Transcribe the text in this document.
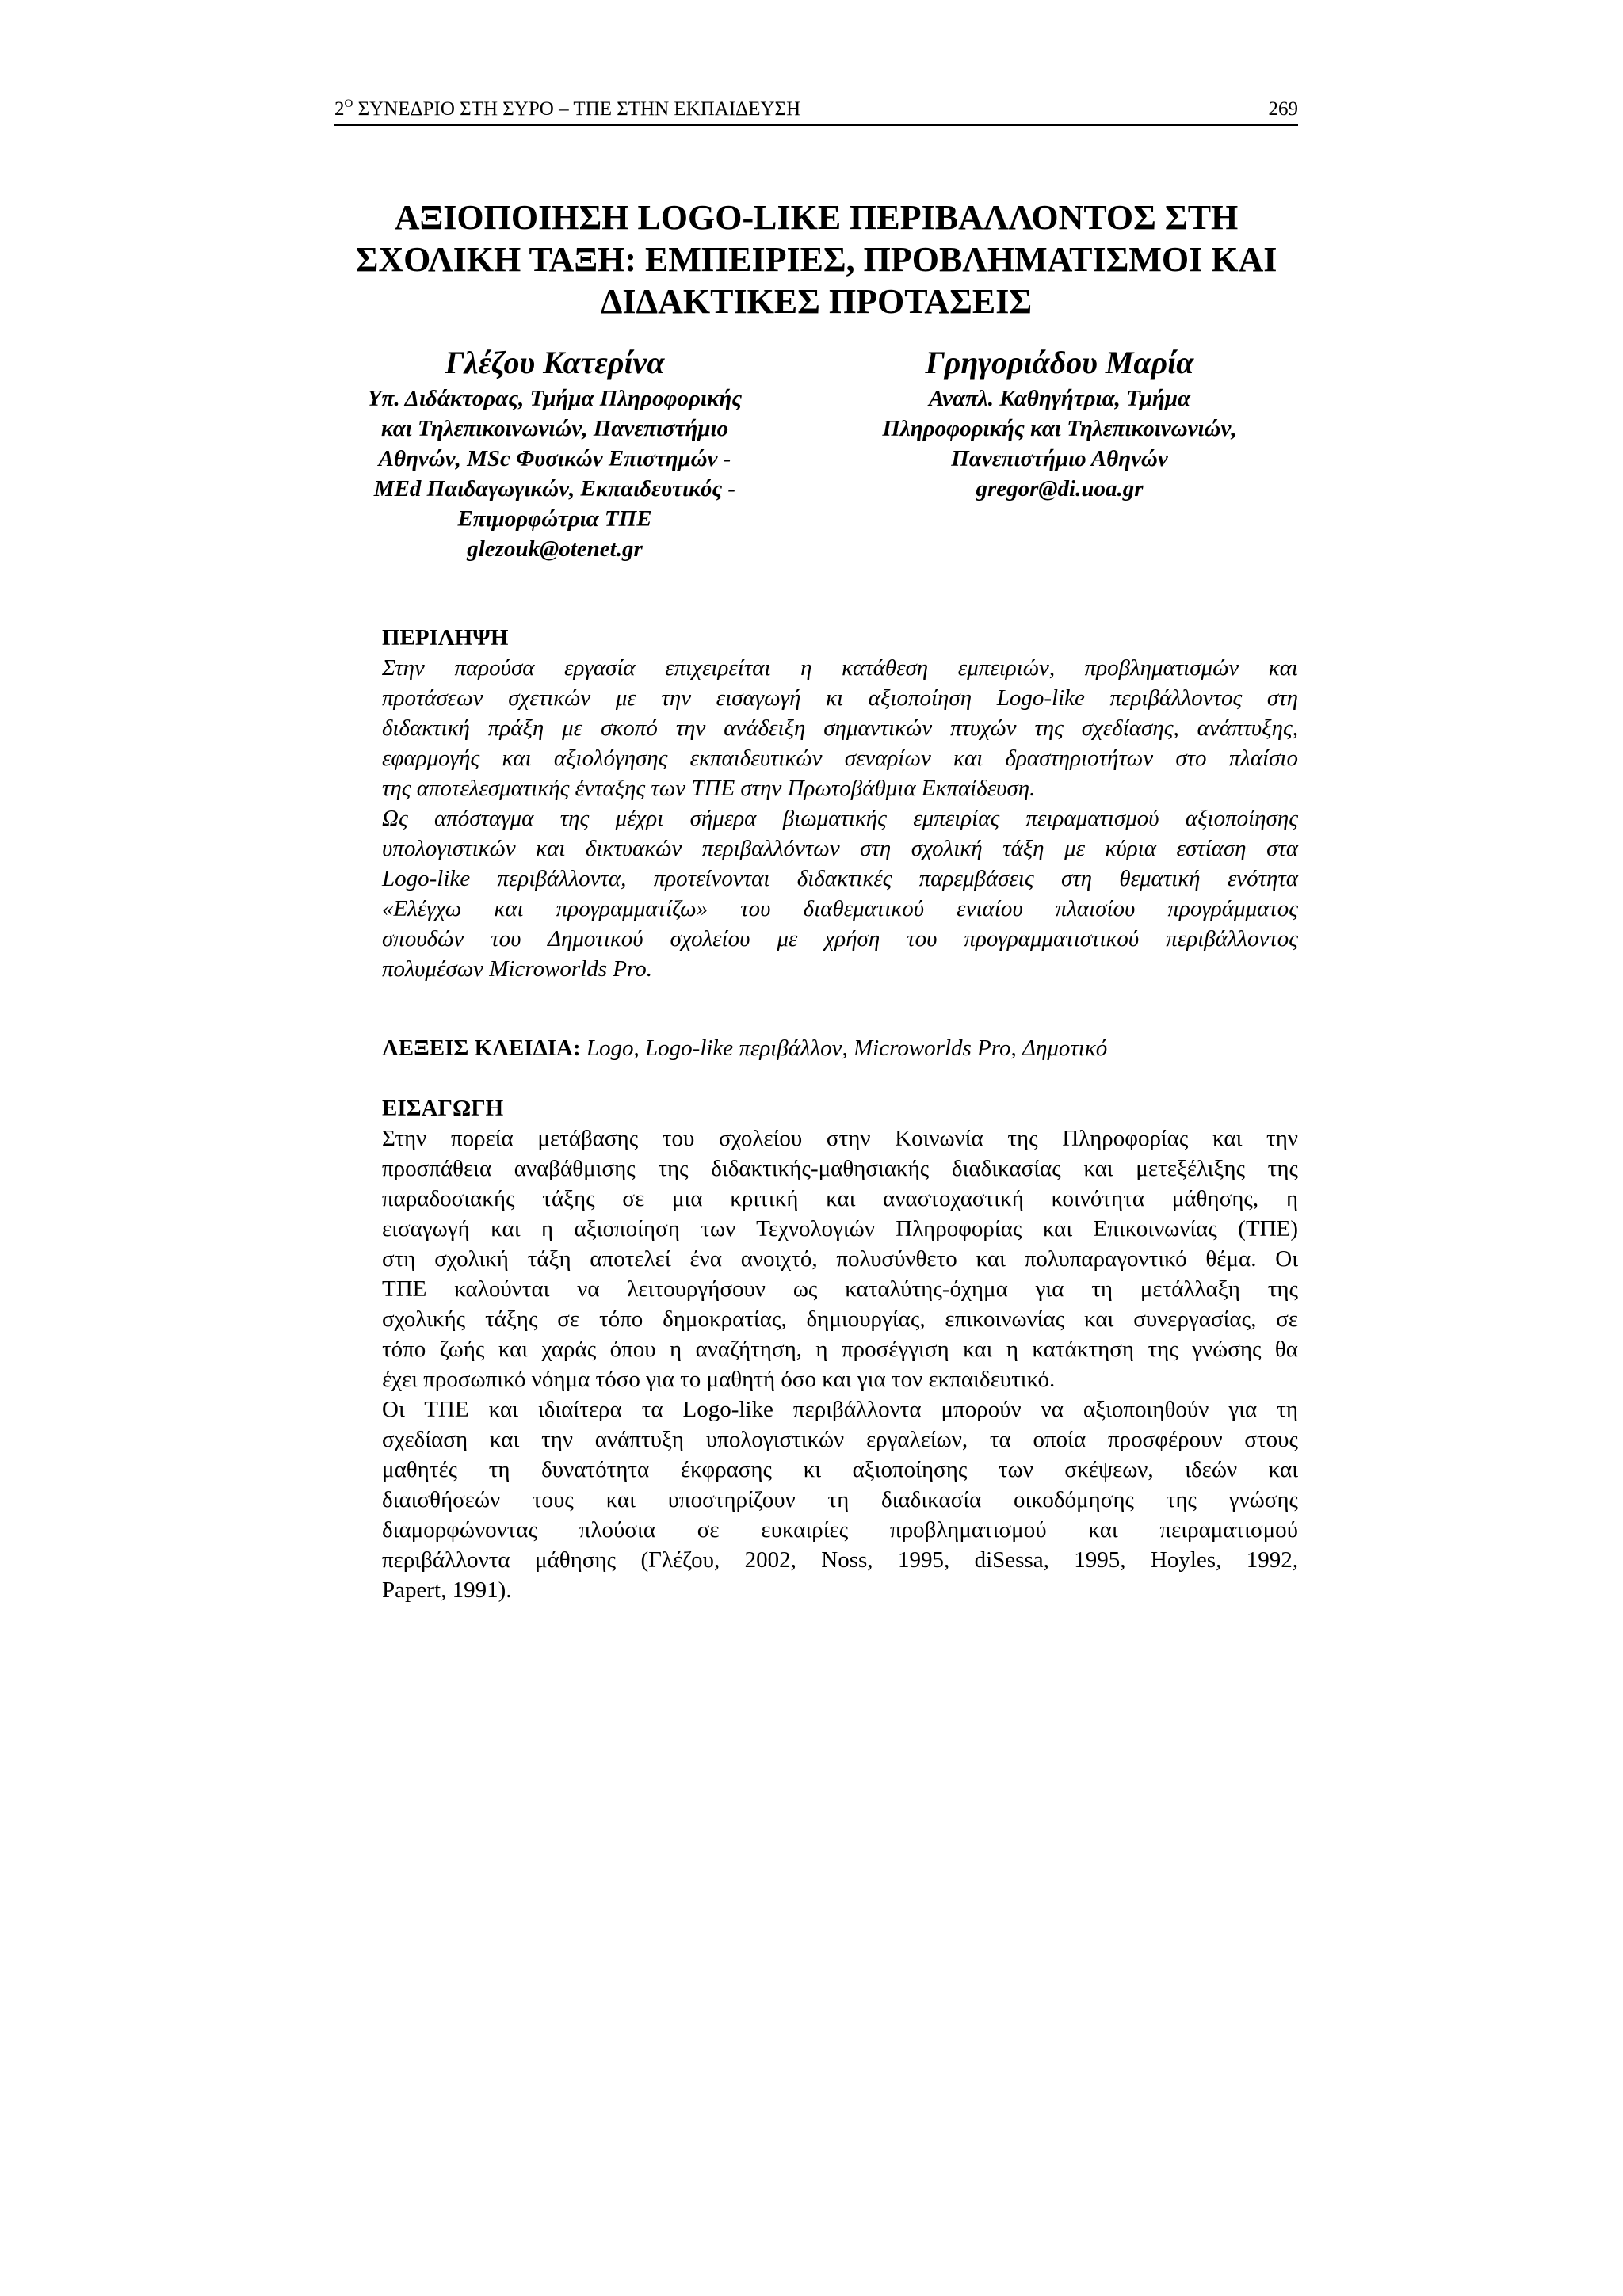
$2^O$ ΣΥΝΕΔΡΙΟ ΣΤΗ ΣΥΡΟ – ΤΠΕ ΣΤΗΝ ΕΚΠΑΙΔΕΥΣΗ	269
ΑΞΙΟΠΟΙΗΣΗ LOGO-LIKE ΠΕΡΙΒΑΛΛΟΝΤΟΣ ΣΤΗ
ΣΧΟΛΙΚΗ ΤΑΞΗ: ΕΜΠΕΙΡΙΕΣ, ΠΡΟΒΛΗΜΑΤΙΣΜΟΙ ΚΑΙ
ΔΙΔΑΚΤΙΚΕΣ ΠΡΟΤΑΣΕΙΣ
Γλέζου Κατερίνα
Υπ. Διδάκτορας, Τμήμα Πληροφορικής
και Τηλεπικοινωνιών, Πανεπιστήμιο
Αθηνών, MSc Φυσικών Επιστημών -
MEd Παιδαγωγικών, Εκπαιδευτικός -
Επιμορφώτρια ΤΠΕ
glezouk@otenet.gr
Γρηγοριάδου Μαρία
Αναπλ. Καθηγήτρια, Τμήμα
Πληροφορικής και Τηλεπικοινωνιών,
Πανεπιστήμιο Αθηνών
gregor@di.uoa.gr
ΠΕΡΙΛΗΨΗ

Στην παρούσα εργασία επιχειρείται η κατάθεση εμπειριών, προβληματισμών και
προτάσεων σχετικών με την εισαγωγή κι αξιοποίηση Logo-like περιβάλλοντος στη
διδακτική πράξη με σκοπό την ανάδειξη σημαντικών πτυχών της σχεδίασης, ανάπτυξης,
εφαρμογής και αξιολόγησης εκπαιδευτικών σεναρίων και δραστηριοτήτων στο πλαίσιο
της αποτελεσματικής ένταξης των ΤΠΕ στην Πρωτοβάθμια Εκπαίδευση.

Ως απόσταγμα της μέχρι σήμερα βιωματικής εμπειρίας πειραματισμού αξιοποίησης
υπολογιστικών και δικτυακών περιβαλλόντων στη σχολική τάξη με κύρια εστίαση στα
Logo-like περιβάλλοντα, προτείνονται διδακτικές παρεμβάσεις στη θεματική ενότητα
«Ελέγχω και προγραμματίζω» του διαθεματικού ενιαίου πλαισίου προγράμματος
σπουδών του Δημοτικού σχολείου με χρήση του προγραμματιστικού περιβάλλοντος
πολυμέσων Microworlds Pro.

ΛΕΞΕΙΣ ΚΛΕΙΔΙΑ: Logo, Logo-like περιβάλλον, Microworlds Pro, Δημοτικό
ΕΙΣΑΓΩΓΗ

Στην πορεία μετάβασης του σχολείου στην Κοινωνία της Πληροφορίας και την
προσπάθεια αναβάθμισης της διδακτικής-μαθησιακής διαδικασίας και μετεξέλιξης της
παραδοσιακής τάξης σε μια κριτική και αναστοχαστική κοινότητα μάθησης, η
εισαγωγή και η αξιοποίηση των Τεχνολογιών Πληροφορίας και Επικοινωνίας (ΤΠΕ)
στη σχολική τάξη αποτελεί ένα ανοιχτό, πολυσύνθετο και πολυπαραγοντικό θέμα. Οι
ΤΠΕ καλούνται να λειτουργήσουν ως καταλύτης-όχημα για τη μετάλλαξη της
σχολικής τάξης σε τόπο δημοκρατίας, δημιουργίας, επικοινωνίας και συνεργασίας, σε
τόπο ζωής και χαράς όπου η αναζήτηση, η προσέγγιση και η κατάκτηση της γνώσης θα
έχει προσωπικό νόημα τόσο για το μαθητή όσο και για τον εκπαιδευτικό.

Οι ΤΠΕ και ιδιαίτερα τα Logo-like περιβάλλοντα μπορούν να αξιοποιηθούν για τη
σχεδίαση και την ανάπτυξη υπολογιστικών εργαλείων, τα οποία προσφέρουν στους
μαθητές τη δυνατότητα έκφρασης κι αξιοποίησης των σκέψεων, ιδεών και
διαισθήσεών τους και υποστηρίζουν τη διαδικασία οικοδόμησης της γνώσης
διαμορφώνοντας πλούσια σε ευκαιρίες προβληματισμού και πειραματισμού
περιβάλλοντα μάθησης (Γλέζου, 2002, Noss, 1995, diSessa, 1995, Hoyles, 1992,
Papert, 1991).
